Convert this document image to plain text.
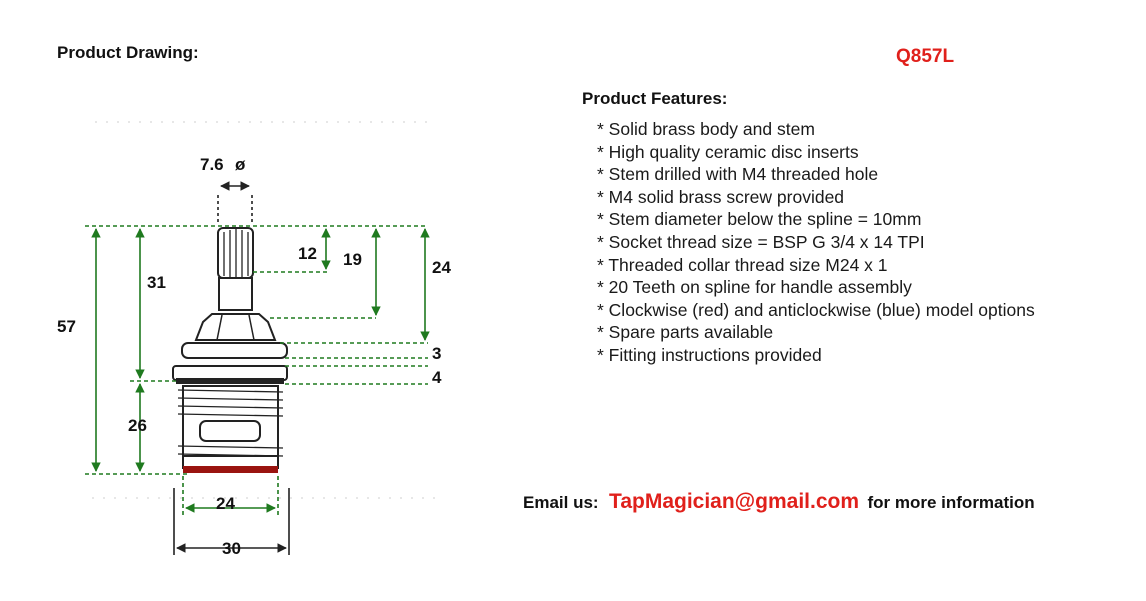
Product Drawing:	Q857L
Product Features:
* Solid brass body and stem
* High quality ceramic disc inserts
* Stem drilled with M4 threaded hole
* M4 solid brass screw provided
* Stem diameter below the spline = 10mm
* Socket thread size = BSP G 3/4 x 14 TPI
* Threaded collar thread size M24 x 1
* 20 Teeth on spline for handle assembly
* Clockwise (red) and anticlockwise (blue) model options
* Spare parts available
* Fitting instructions provided
Email us: TapMagician@gmail.com for more information
7.6 ø
12 19	24
31
57
3
4
26
24
30
